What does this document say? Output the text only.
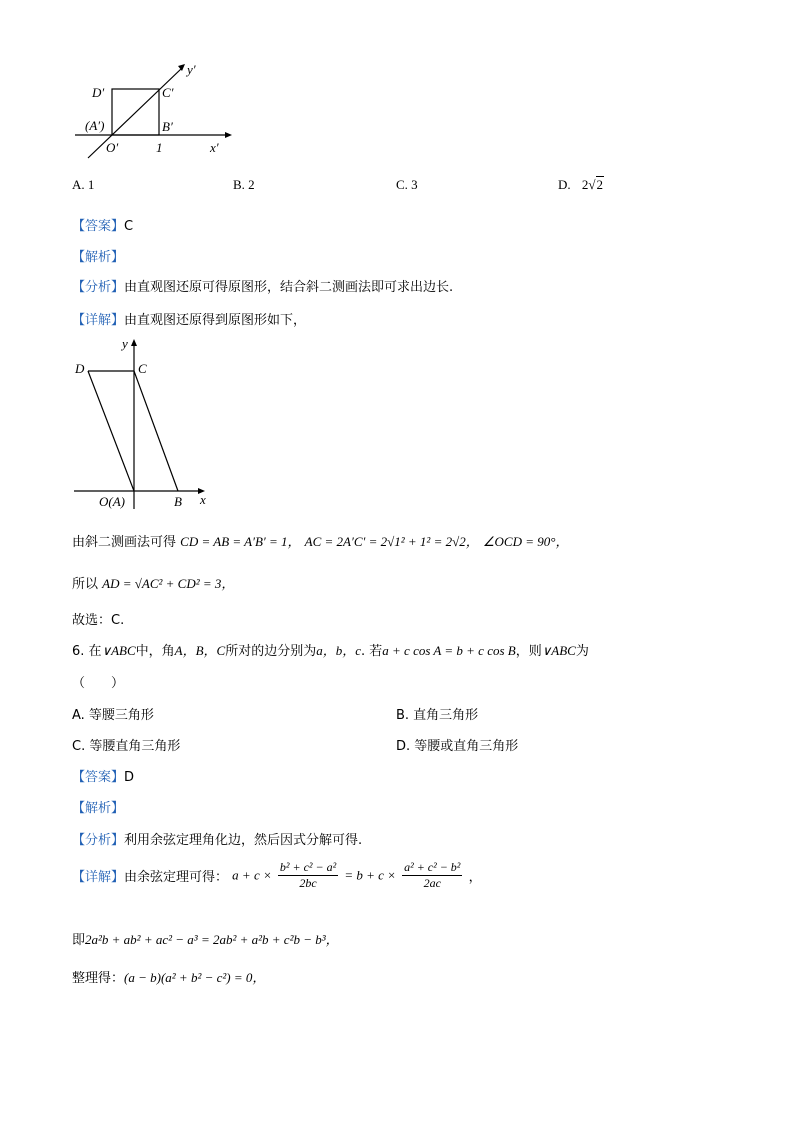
y′
D′	C′
(A′)	B′
O′	1	x′
A. 1	B. 2	C. 3	D. 2√2
【答案】C
【解析】
【分析】由直观图还原可得原图形，结合斜二测画法即可求出边长.
【详解】由直观图还原得到原图形如下，
y
D	C
O(A)	B x
由斜二测画法可得 CD = AB = A′B′ = 1， AC = 2A′C′ = 2√1² + 1² = 2√2， ∠OCD = 90°，
所以 AD = √AC² + CD² = 3，
故选：C.
6. 在∨ABC中，角A，B，C所对的边分别为a，b，c. 若a + c cos A = b + c cos B，则∨ABC为
（　　）
A. 等腰三角形	B. 直角三角形
C. 等腰直角三角形	D. 等腰或直角三角形
【答案】D
【解析】
【分析】利用余弦定理角化边，然后因式分解可得.
【详解】由余弦定理可得： $a + c \times \frac{\text{b² + c² − a²}}{2bc} = b + c \times \frac{\text{a² + c² − b²}}{2ac}$ ，
即2a²b + ab² + ac² − a³ = 2ab² + a²b + c²b − b³，
整理得：(a − b)(a² + b² − c²) = 0，
